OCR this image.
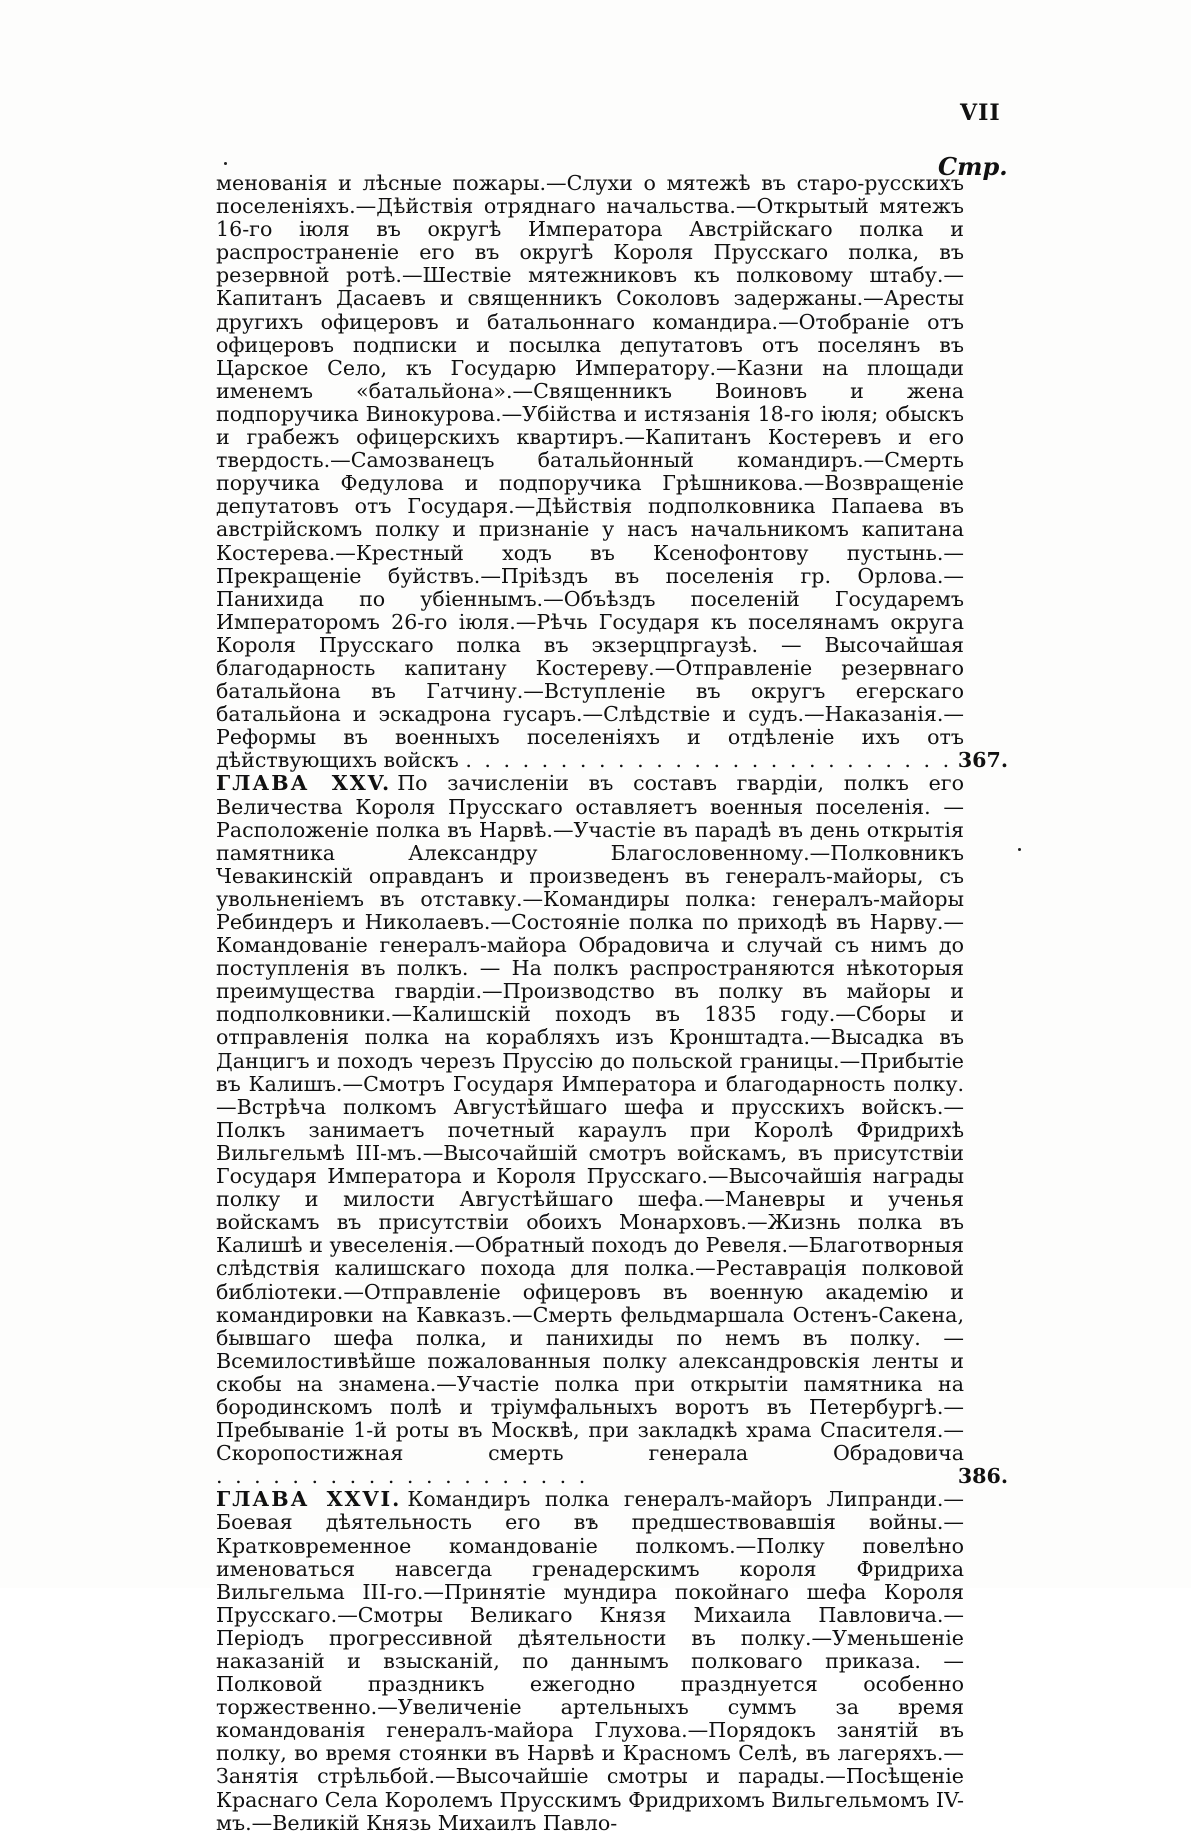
VII
Стр.

менованія и лѣсные пожары.—Слухи о мятежѣ въ старо-русскихъ поселеніяхъ.—Дѣйствія отряднаго начальства.—Открытый мятежъ 16-го іюля въ округѣ Императора Австрійскаго полка и распространеніе его въ округѣ Короля Прусскаго полка, въ резервной ротѣ.—Шествіе мятежниковъ къ полковому штабу.—Капитанъ Дасаевъ и священникъ Соколовъ задержаны.—Аресты другихъ офицеровъ и батальоннаго командира.—Отобраніе отъ офицеровъ подписки и посылка депутатовъ отъ поселянъ въ Царское Село, къ Государю Императору.—Казни на площади именемъ «батальйона».—Священникъ Воиновъ и жена подпоручика Винокурова.—Убійства и истязанія 18-го іюля; обыскъ и грабежъ офицерскихъ квартиръ.—Капитанъ Костеревъ и его твердость.—Самозванецъ батальйонный командиръ.—Смерть поручика Федулова и подпоручика Грѣшникова.—Возвращеніе депутатовъ отъ Государя.—Дѣйствія подполковника Папаева въ австрійскомъ полку и признаніе у насъ начальникомъ капитана Костерева.—Крестный ходъ въ Ксенофонтову пустынь.—Прекращеніе буйствъ.—Пріѣздъ въ поселенія гр. Орлова.—Панихида по убіеннымъ.—Объѣздъ поселеній Государемъ Императоромъ 26-го іюля.—Рѣчь Государя къ поселянамъ округа Короля Прусскаго полка въ экзерцпргаузѣ. — Высочайшая благодарность капитану Костереву.—Отправленіе резервнаго батальйона въ Гатчину.—Вступленіе въ округъ егерскаго батальйона и эскадрона гусаръ.—Слѣдствіе и судъ.—Наказанія.—Реформы въ военныхъ поселеніяхъ и отдѣленіе ихъ отъ дѣйствующихъ войскъ . . . . . . . . . . . . . . . . . . . . . . . . . . 367.

ГЛАВА XXV. По зачисленіи въ составъ гвардіи, полкъ его Величества Короля Прусскаго оставляетъ военныя поселенія. — Расположеніе полка въ Нарвѣ.—Участіе въ парадѣ въ день открытія памятника Александру Благословенному.—Полковникъ Чевакинскій оправданъ и произведенъ въ генералъ-майоры, съ увольненіемъ въ отставку.—Командиры полка: генералъ-майоры Ребиндеръ и Николаевъ.—Состояніе полка по приходѣ въ Нарву.—Командованіе генералъ-майора Обрадовича и случай съ нимъ до поступленія въ полкъ. — На полкъ распространяются нѣкоторыя преимущества гвардіи.—Производство въ полку въ майоры и подполковники.—Калишскій походъ въ 1835 году.—Сборы и отправленія полка на корабляхъ изъ Кронштадта.—Высадка въ Данцигъ и походъ черезъ Пруссію до польской границы.—Прибытіе въ Калишъ.—Смотръ Государя Императора и благодарность полку.—Встрѣча полкомъ Августѣйшаго шефа и прусскихъ войскъ.—Полкъ занимаетъ почетный караулъ при Королѣ Фридрихѣ Вильгельмѣ III-мъ.—Высочайшій смотръ войскамъ, въ присутствіи Государя Императора и Короля Прусскаго.—Высочайшія награды полку и милости Августѣйшаго шефа.—Маневры и ученья войскамъ въ присутствіи обоихъ Монарховъ.—Жизнь полка въ Калишѣ и увеселенія.—Обратный походъ до Ревеля.—Благотворныя слѣдствія калишскаго похода для полка.—Реставрація полковой библіотеки.—Отправленіе офицеровъ въ военную академію и командировки на Кавказъ.—Смерть фельдмаршала Остенъ-Сакена, бывшаго шефа полка, и панихиды по немъ въ полку. — Всемилостивѣйше пожалованныя полку александровскія ленты и скобы на знамена.—Участіе полка при открытіи памятника на бородинскомъ полѣ и тріумфальныхъ воротъ въ Петербургѣ.—Пребываніе 1-й роты въ Москвѣ, при закладкѣ храма Спасителя.—Скоропостижная смерть генерала Обрадовича . . . . . . . . . . . . . . . . . . . .	386.

ГЛАВА XXVI. Командиръ полка генералъ-майоръ Липранди.—Боевая дѣятельность его въ предшествовавшія войны.—Кратковременное командованіе полкомъ.—Полку повелѣно именоваться навсегда гренадерскимъ короля Фридриха Вильгельма III-го.—Принятіе мундира покойнаго шефа Короля Прусскаго.—Смотры Великаго Князя Михаила Павловича.—Періодъ прогрессивной дѣятельности въ полку.—Уменьшеніе наказаній и взысканій, по даннымъ полковаго приказа. — Полковой праздникъ ежегодно празднуется особенно торжественно.—Увеличеніе артельныхъ суммъ за время командованія генералъ-майора Глухова.—Порядокъ занятій въ полку, во время стоянки въ Нарвѣ и Красномъ Селѣ, въ лагеряхъ.—Занятія стрѣльбой.—Высочайшіе смотры и парады.—Посѣщеніе Краснаго Села Королемъ Прусскимъ Фридрихомъ Вильгельмомъ IV-мъ.—Великій Князь Михаилъ Павло-
